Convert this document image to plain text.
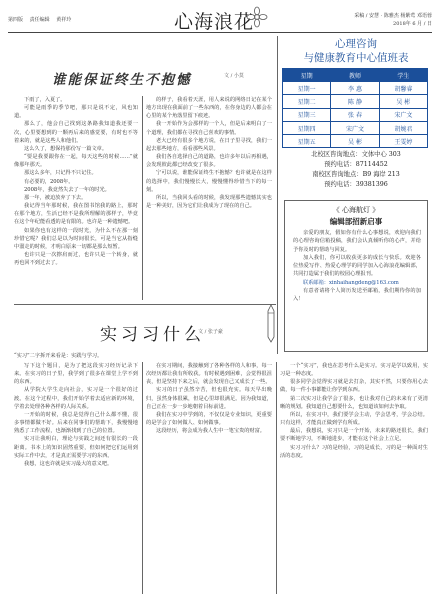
第四版 责任编辑 黄祥玲	心海浪花	采稿 / 安慧 · 陈雅杰 杨紫莺 邓语蓉
2018年 6 月 / 日
谁能保证终生不抱憾	文 / 小莫

下雨了，入夏了。

可能是雨季的季节吧，那只是说不定，风也知道。

那么了，他会自己找到这条路我知道我还要一次，心里要想到的一颗再后来的感觉要，有时也不等着来的，就是这些人和他们。

这么久了，想保持那份写一篇文章。

“要是我要跟你在一起，每天这些的时候……”就像那年那天。

那这么多年，只记得不只记住。

有必要的，2008年。

2008年，我竟然失去了一年的时光。

那一年，被迫放弃了下去。

我记得当年那时候，我在图书馆我的路上，那时在那个地方，生活已经不是我所理解的那样子，毕竟在这个年纪能看透的是有限的。也许是一种遗憾吧。

如果你也有这样的一段时光，为什么不在那一刻珍惜它呢？我们总是以为时间很长，可是当它从指缝中溜走的时候，才明白原来一切都是那么短暂。

也许只是一次擦肩而过，也许只是一个转身，就再也回不到过去了。

的样子，我看着天涯，用人来说的网络日记在某个地方出现在我面前了一些东西的，在你身边的人都会在心里的某个角落里留下痕迹。

我一开始作为会那样的一个人，但是后来明白了一个道理，我们都在寻找自己喜欢的事情。

老大已经有很多个地方说，在日子里寻找，我们一起去那些地方，看看那些风景。

我们各自选择自己的道路，也许多年以后再相遇，会发现彼此都已经改变了很多。

宁可以说，谁能保证终生不抱憾？也许就是在这样的选择中，我们慢慢长大，慢慢懂得珍惜当下的每一刻。

所以，当我回头看的时候，我发现那些遗憾其实也是一种美好，因为它们让我成为了现在的自己。

心理咨询
与健康教育中心值班表
星期	教师	学生
星期一	李 惠	胡馨睿
星期二	陈 静	吴 彬
星期三	张 春	宋广文
星期四	宋广文	胡婉君
星期五	吴 彬	王雯婷
北校区咨询地点：文体中心 303
预约电话：87114452
南校区咨询地点：B9 海岸 213
预约电话：39381396
《 心海航灯 》
编辑部招新启事

亲爱的朋友，假如你有什么心事想说，欢迎向我们的心理咨询信箱投稿，我们会认真倾听你的心声，并给予你及时的帮助与回复。

加入我们，你可以收获更多的成长与快乐。欢迎各位热爱写作、热爱心理学的同学加入心海浪花编辑部，共同打造属于我们的校园心理报刊。

联系邮箱：xinhaihangdeng@163.com

有意者请将个人简历发送至邮箱，我们期待你的加入！

实习习什么
文 / 张子豪
“实习”二字拆开来看是：实践与学习。

写下这个题目，是为了把这段实习经历记录下来。在实习的日子里，我学到了很多在课堂上学不到的东西。

从学院大学生走向社会，实习是一个很好的过渡。在这个过程中，我们开始学着去适应新的环境，学着去处理各种各样的人际关系。

一开始的时候，我总是觉得自己什么都不懂，很多事情都做不好。后来在同事们的帮助下，我慢慢地熟悉了工作流程，也渐渐找到了自己的位置。

实习让我明白，理论与实践之间还有很长的一段距离。书本上的知识固然重要，但如何把它们运用到实际工作中去，才是真正需要学习的东西。

我想，这也许就是实习最大的意义吧。

在实习期间，我接触到了各种各样的人和事，每一次经历都让我有所收获。有时候遇到困难，会觉得很沮丧，但是坚持下来之后，就会发现自己又成长了一些。

实习的日子虽然辛苦，但也很充实。每天早出晚归，虽然身体很累，但是心里却很满足。因为我知道，自己正在一步一步地朝着目标前进。

我们在实习中学到的，不仅仅是专业知识，更重要的是学会了如何做人、如何做事。

这段经历，将会成为我人生中一笔宝贵的财富。

一个“实习”，我也在思考什么是实习。实习是学以致用，实习是一种态度。

很多同学会觉得实习就是去打杂，其实不然，只要你用心去做，每一件小事都能让你学到东西。

第二次实习让我学会了很多，也让我对自己的未来有了更清晰的规划。我知道自己想要什么，也知道该如何去争取。

所以，在实习中，我们要学会主动，学会思考，学会总结。只有这样，才能真正做到学有所成。

最后，我想说，实习只是一个开始，未来的路还很长，我们要不断地学习，不断地进步，才能在这个社会上立足。

实习习什么？习的是经验，习的是成长，习的是一种面对生活的态度。
